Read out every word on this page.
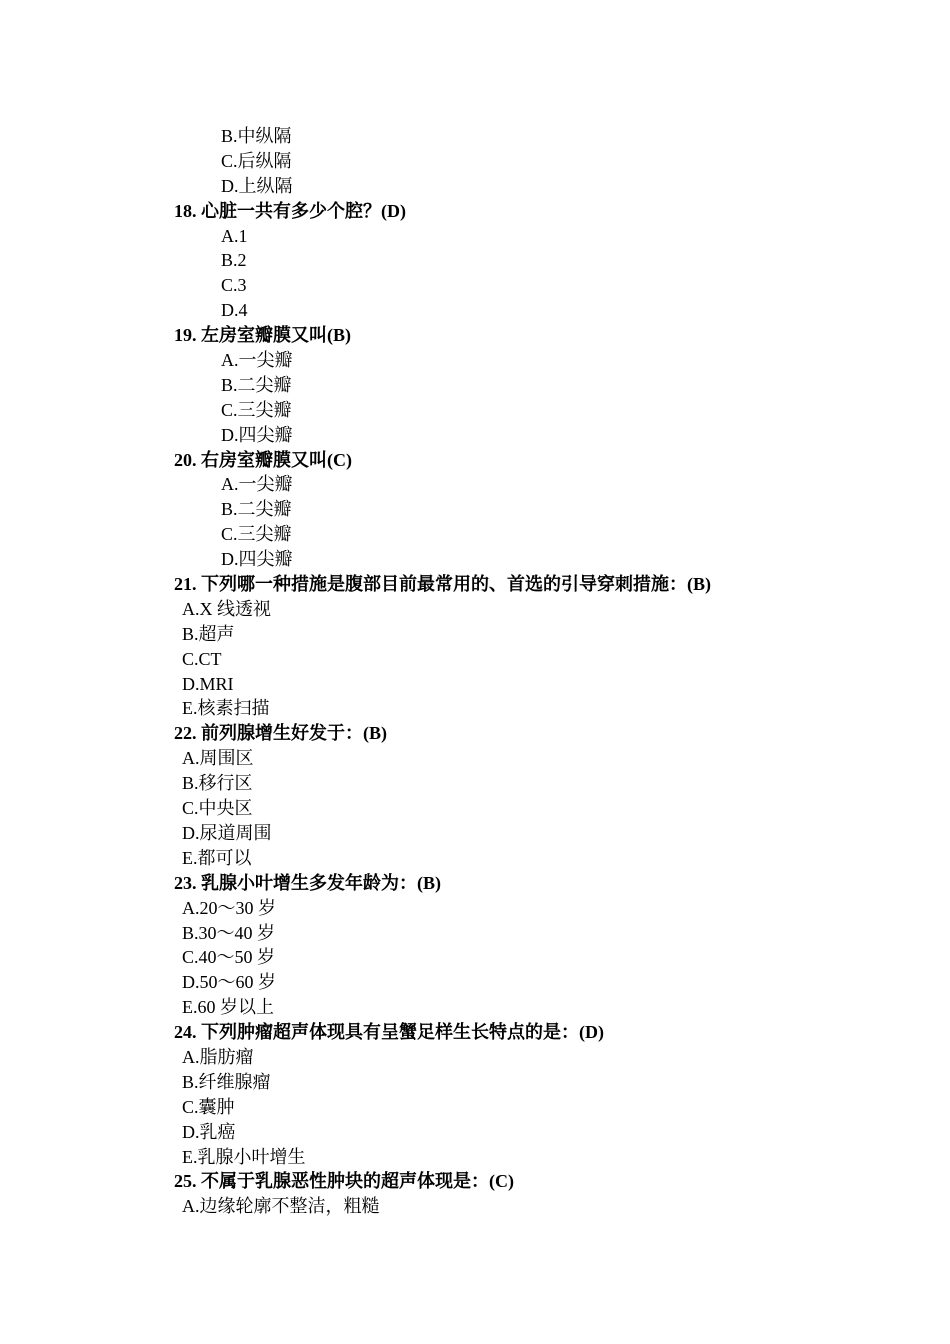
B.中纵隔
C.后纵隔
D.上纵隔
18. 心脏一共有多少个腔？(D)
A.1
B.2
C.3
D.4
19. 左房室瓣膜又叫(B)
A.一尖瓣
B.二尖瓣
C.三尖瓣
D.四尖瓣
20. 右房室瓣膜又叫(C)
A.一尖瓣
B.二尖瓣
C.三尖瓣
D.四尖瓣
21. 下列哪一种措施是腹部目前最常用的、首选的引导穿刺措施：(B)
A.X 线透视
B.超声
C.CT
D.MRI
E.核素扫描
22. 前列腺增生好发于：(B)
A.周围区
B.移行区
C.中央区
D.尿道周围
E.都可以
23. 乳腺小叶增生多发年龄为：(B)
A.20～30 岁
B.30～40 岁
C.40～50 岁
D.50～60 岁
E.60 岁以上
24. 下列肿瘤超声体现具有呈蟹足样生长特点的是：(D)
A.脂肪瘤
B.纤维腺瘤
C.囊肿
D.乳癌
E.乳腺小叶增生
25. 不属于乳腺恶性肿块的超声体现是：(C)
A.边缘轮廓不整洁，粗糙
